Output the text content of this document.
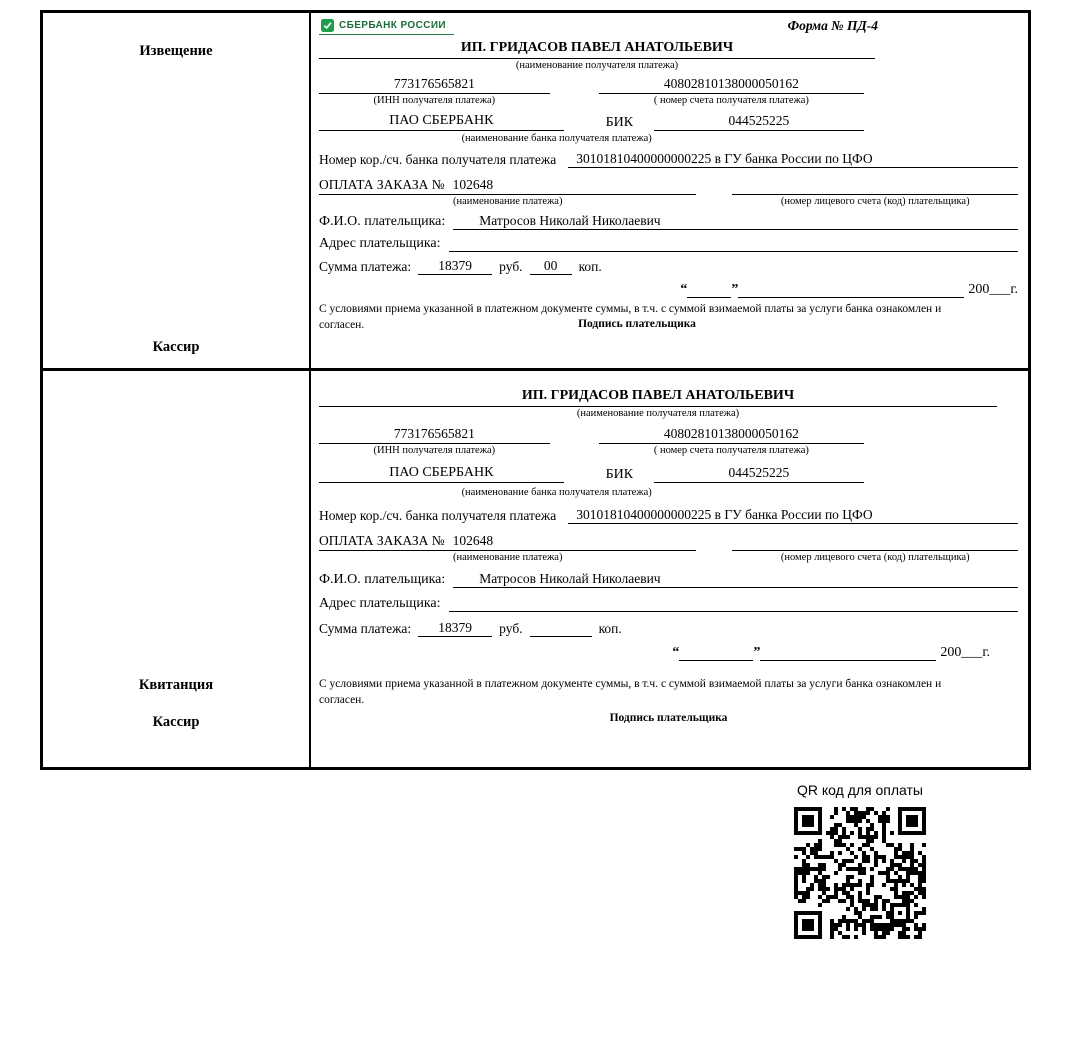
Извещение
Кассир
СБЕРБАНК РОССИИ	Форма № ПД-4
ИП. ГРИДАСОВ ПАВЕЛ АНАТОЛЬЕВИЧ
(наименование получателя платежа)
773176565821	40802810138000050162
(ИНН получателя платежа)	( номер счета получателя платежа)
ПАО СБЕРБАНК	БИК	044525225
(наименование банка получателя платежа)
Номер кор./сч. банка получателя платежа	30101810400000000225 в ГУ банка России по ЦФО
ОПЛАТА ЗАКАЗА № 102648
(наименование платежа)	(номер лицевого счета (код) плательщика)
Ф.И.О. плательщика:	Матросов Николай Николаевич
Адрес плательщика:
Сумма платежа:	18379	руб.	00	коп.
“	”	200___г.
С условиями приема указанной в платежном документе суммы, в т.ч. с суммой взимаемой платы за услуги банка ознакомлен и согласен.	Подпись плательщика
Квитанция
Кассир
ИП. ГРИДАСОВ ПАВЕЛ АНАТОЛЬЕВИЧ
(наименование получателя платежа)
773176565821	40802810138000050162
(ИНН получателя платежа)	( номер счета получателя платежа)
ПАО СБЕРБАНК	БИК	044525225
(наименование банка получателя платежа)
Номер кор./сч. банка получателя платежа	30101810400000000225 в ГУ банка России по ЦФО
ОПЛАТА ЗАКАЗА № 102648
(наименование платежа)	(номер лицевого счета (код) плательщика)
Ф.И.О. плательщика:	Матросов Николай Николаевич
Адрес плательщика:
Сумма платежа:	18379	руб.	коп.
“	”	200___г.
С условиями приема указанной в платежном документе суммы, в т.ч. с суммой взимаемой платы за услуги банка ознакомлен и согласен.
Подпись плательщика
QR код для оплаты
